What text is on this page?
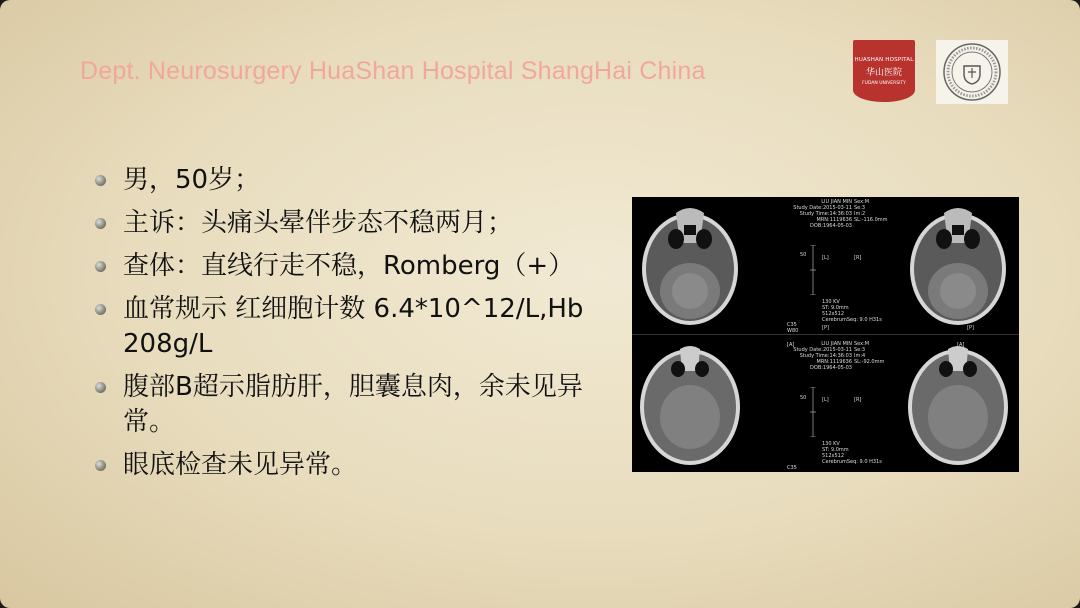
Dept. Neurosurgery HuaShan Hospital ShangHai China	HUASHAN HOSPITAL
华山医院
FUDAN UNIVERSITY
男，50岁；
主诉：头痛头晕伴步态不稳两月；
查体：直线行走不稳，Romberg（+）
血常规示 红细胞计数 6.4*10^12/L,Hb 208g/L
腹部B超示脂肪肝，胆囊息肉，余未见异常。
眼底检查未见异常。
LIU JIAN MIN
Study Date:2015-03-11
Study Time:14:36:03
MRN:1119636
DOB:1964-05-03
Sex:M
Se:3
Im:2
SL:-116.0mm
[L]	[R]
50
[P]	[P]
C35
W80
130 KV
ST: 9.0mm
512x512
CerebrumSeq: 9.0 H31s
LIU JIAN MIN
Study Date:2015-03-11
Study Time:14:36:03
MRN:1119636
DOB:1964-05-03
Sex:M
Se:3
Im:4
SL:-92.0mm
50	[L]	[R]
[A]	[A]
C35
130 KV
ST: 9.0mm
512x512
CerebrumSeq: 9.0 H31s
